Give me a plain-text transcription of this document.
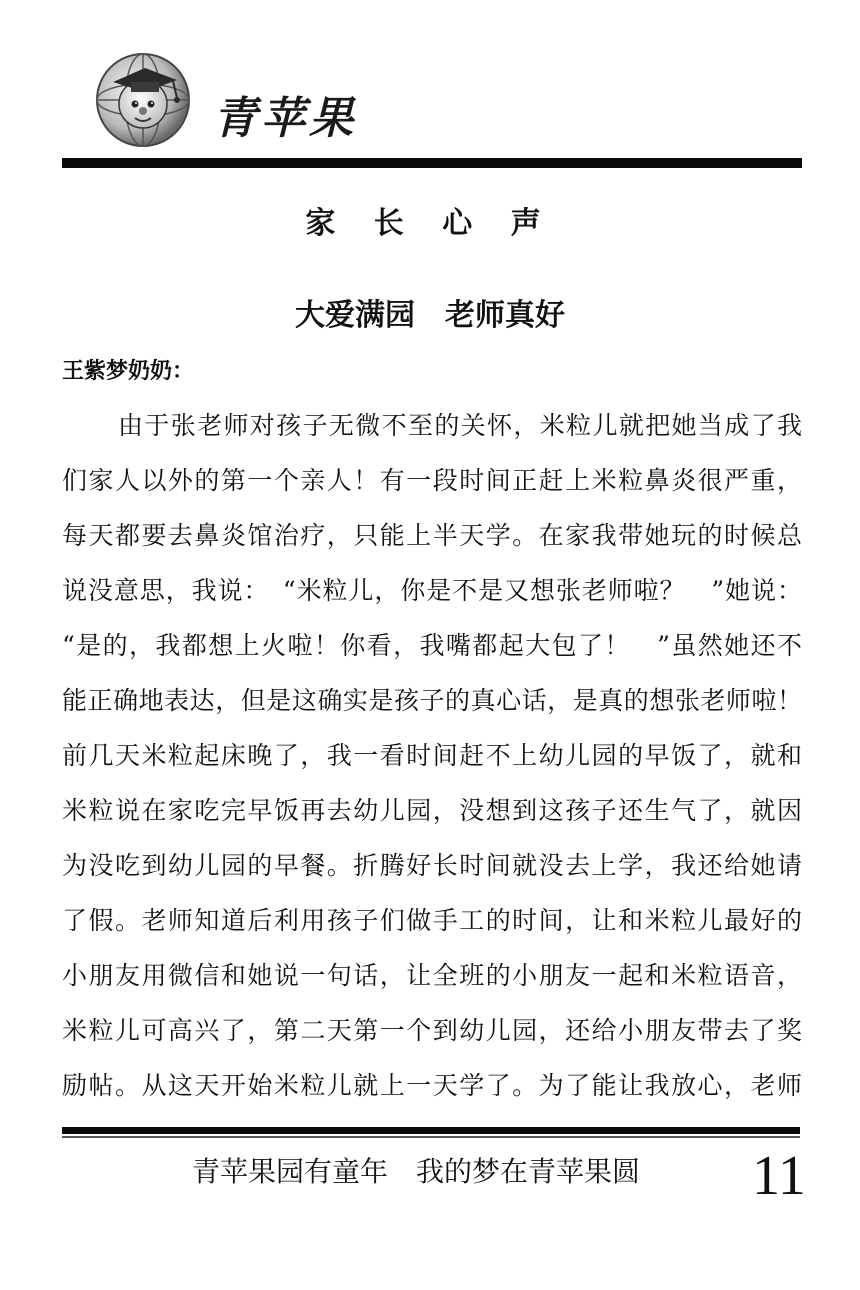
青苹果
家 长 心 声
大爱满园　老师真好
王紫梦奶奶：
由于张老师对孩子无微不至的关怀，米粒儿就把她当成了我
们家人以外的第一个亲人！有一段时间正赶上米粒鼻炎很严重，
每天都要去鼻炎馆治疗，只能上半天学。在家我带她玩的时候总
说没意思，我说：　“米粒儿，你是不是又想张老师啦？　”她说：
“是的，我都想上火啦！你看，我嘴都起大包了！　”虽然她还不
能正确地表达，但是这确实是孩子的真心话，是真的想张老师啦！
前几天米粒起床晚了，我一看时间赶不上幼儿园的早饭了，就和
米粒说在家吃完早饭再去幼儿园，没想到这孩子还生气了，就因
为没吃到幼儿园的早餐。折腾好长时间就没去上学，我还给她请
了假。老师知道后利用孩子们做手工的时间，让和米粒儿最好的
小朋友用微信和她说一句话，让全班的小朋友一起和米粒语音，
米粒儿可高兴了，第二天第一个到幼儿园，还给小朋友带去了奖
励帖。从这天开始米粒儿就上一天学了。为了能让我放心，老师
青苹果园有童年　我的梦在青苹果圆 11
